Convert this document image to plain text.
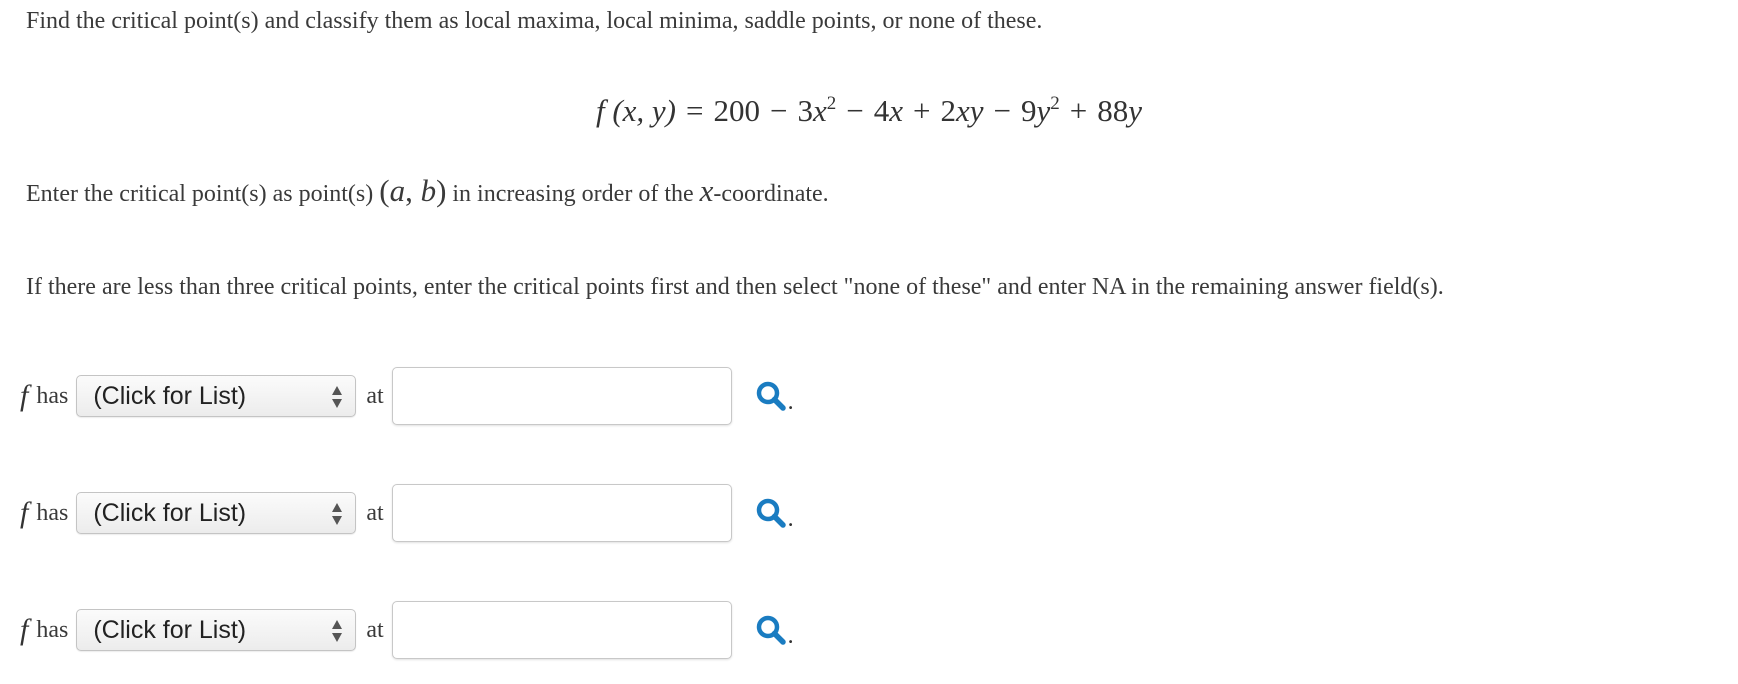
Find the critical point(s) and classify them as local maxima, local minima, saddle points, or none of these.
f (x, $y) = 200 - 3x^2 - 4x + 2xy - 9y^2 + 88y$
Enter the critical point(s) as point(s) (a, b) in increasing order of the x-coordinate.
If there are less than three critical points, enter the critical points first and then select "none of these" and enter NA in the remaining answer field(s).
f has (Click for List)	at	.
f has (Click for List)	at	.
f has (Click for List)	at	.
